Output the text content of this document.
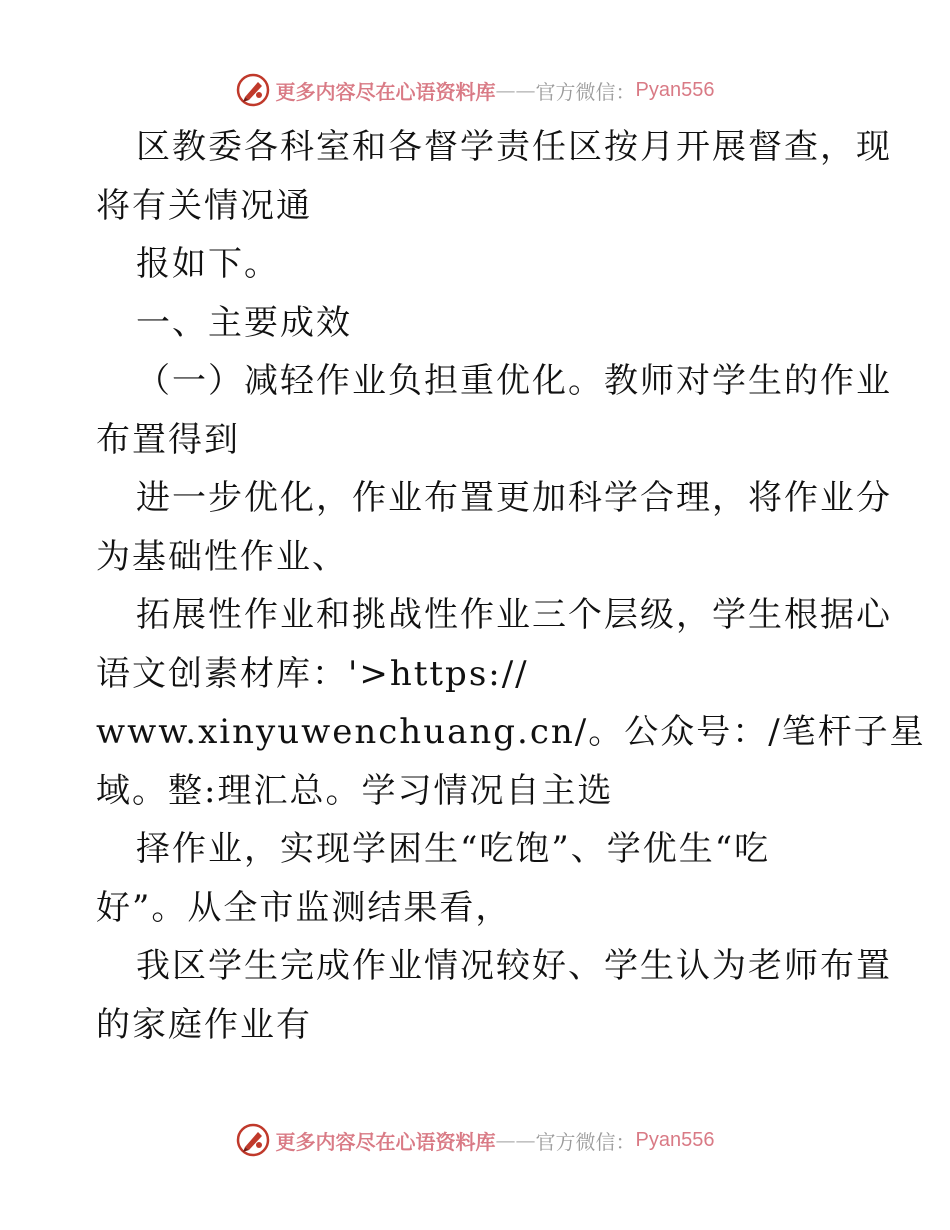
更多内容尽在心语资料库 —— 官方微信： Pyan556
区教委各科室和各督学责任区按月开展督查，现
将有关情况通
报如下。
一、主要成效
（一）减轻作业负担重优化。教师对学生的作业
布置得到
进一步优化，作业布置更加科学合理，将作业分
为基础性作业、
拓展性作业和挑战性作业三个层级，学生根据心
语文创素材库：'>https://
www.xinyuwenchuang.cn/。公众号：/笔杆子星
域。整:理汇总。学习情况自主选
择作业，实现学困生“吃饱”、学优生“吃
好”。从全市监测结果看，
我区学生完成作业情况较好、学生认为老师布置
的家庭作业有
更多内容尽在心语资料库 —— 官方微信： Pyan556
